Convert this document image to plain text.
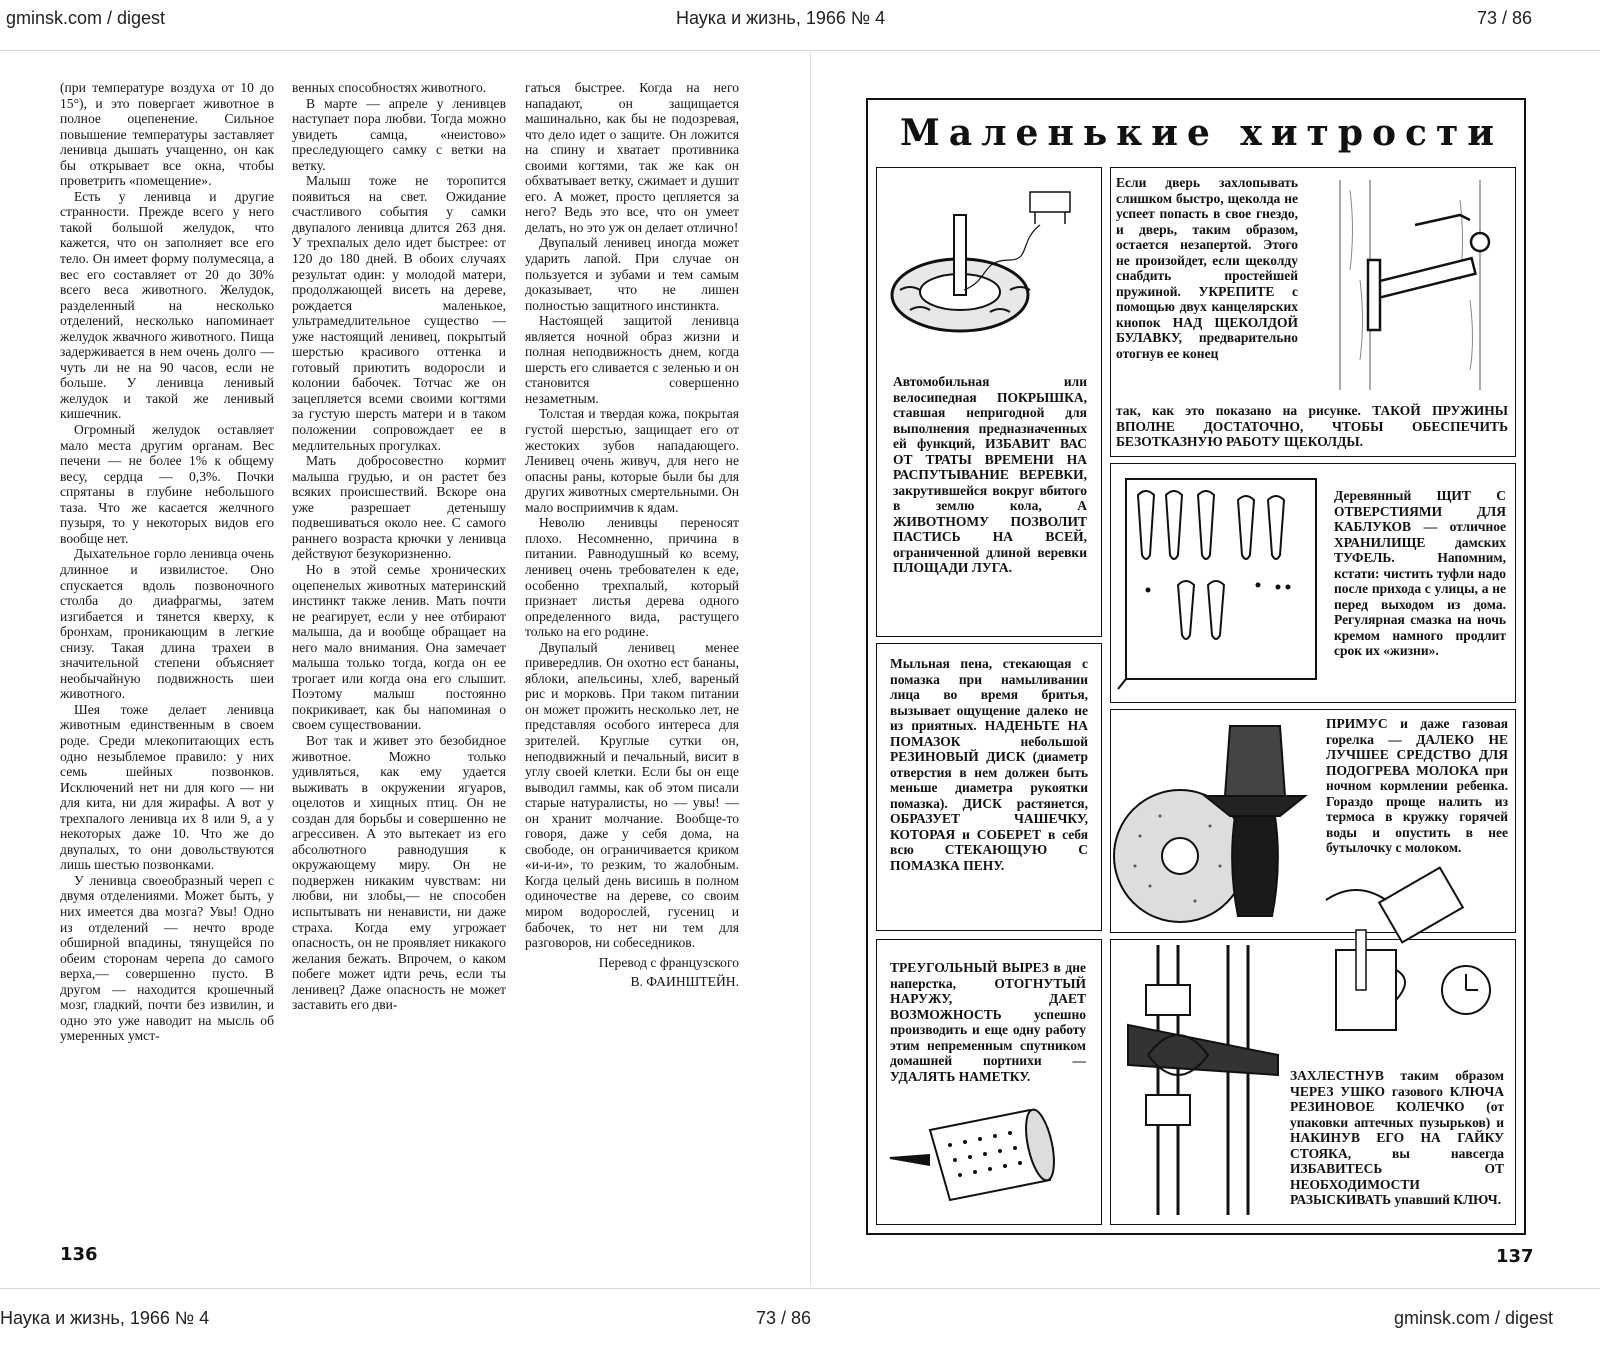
gminsk.com / digest	Наука и жизнь, 1966 № 4	73 / 86
Наука и жизнь, 1966 № 4	73 / 86	gminsk.com / digest

(при температуре воздуха от 10 до 15°), и это повергает животное в полное оцепенение. Сильное повышение температуры заставляет ленивца дышать учащенно, он как бы открывает все окна, чтобы проветрить «помещение».

Есть у ленивца и другие странности. Прежде всего у него такой большой желудок, что кажется, что он заполняет все его тело. Он имеет форму полумесяца, а вес его составляет от 20 до 30% всего веса животного. Желудок, разделенный на несколько отделений, несколько напоминает желудок жвачного животного. Пища задерживается в нем очень долго — чуть ли не на 90 часов, если не больше. У ленивца ленивый желудок и такой же ленивый кишечник.

Огромный желудок оставляет мало места другим органам. Вес печени — не более 1% к общему весу, сердца — 0,3%. Почки спрятаны в глубине небольшого таза. Что же касается желчного пузыря, то у некоторых видов его вообще нет.

Дыхательное горло ленивца очень длинное и извилистое. Оно спускается вдоль позвоночного столба до диафрагмы, затем изгибается и тянется кверху, к бронхам, проникающим в легкие снизу. Такая длина трахеи в значительной степени объясняет необычайную подвижность шеи животного.

Шея тоже делает ленивца животным единственным в своем роде. Среди млекопитающих есть одно незыблемое правило: у них семь шейных позвонков. Исключений нет ни для кого — ни для кита, ни для жирафы. А вот у трехпалого ленивца их 8 или 9, а у некоторых даже 10. Что же до двупалых, то они довольствуются лишь шестью позвонками.

У ленивца своеобразный череп с двумя отделениями. Может быть, у них имеется два мозга? Увы! Одно из отделений — нечто вроде обширной впадины, тянущейся по обеим сторонам черепа до самого верха,— совершенно пусто. В другом — находится крошечный мозг, гладкий, почти без извилин, и одно это уже наводит на мысль об умеренных умст-

венных способностях животного.

В марте — апреле у ленивцев наступает пора любви. Тогда можно увидеть самца, «неистово» преследующего самку с ветки на ветку.

Малыш тоже не торопится появиться на свет. Ожидание счастливого события у самки двупалого ленивца длится 263 дня. У трехпалых дело идет быстрее: от 120 до 180 дней. В обоих случаях результат один: у молодой матери, продолжающей висеть на дереве, рождается маленькое, ультрамедлительное существо — уже настоящий ленивец, покрытый шерстью красивого оттенка и готовый приютить водоросли и колонии бабочек. Тотчас же он зацепляется всеми своими когтями за густую шерсть матери и в таком положении сопровождает ее в медлительных прогулках.

Мать добросовестно кормит малыша грудью, и он растет без всяких происшествий. Вскоре она уже разрешает детенышу подвешиваться около нее. С самого раннего возраста крючки у ленивца действуют безукоризненно.

Но в этой семье хронических оцепенелых животных материнский инстинкт также ленив. Мать почти не реагирует, если у нее отбирают малыша, да и вообще обращает на него мало внимания. Она замечает малыша только тогда, когда он ее трогает или когда она его слышит. Поэтому малыш постоянно покрикивает, как бы напоминая о своем существовании.

Вот так и живет это безобидное животное. Можно только удивляться, как ему удается выживать в окружении ягуаров, оцелотов и хищных птиц. Он не создан для борьбы и совершенно не агрессивен. А это вытекает из его абсолютного равнодушия к окружающему миру. Он не подвержен никаким чувствам: ни любви, ни злобы,— не способен испытывать ни ненависти, ни даже страха. Когда ему угрожает опасность, он не проявляет никакого желания бежать. Впрочем, о каком побеге может идти речь, если ты ленивец? Даже опасность не может заставить его дви-

гаться быстрее. Когда на него нападают, он защищается машинально, как бы не подозревая, что дело идет о защите. Он ложится на спину и хватает противника своими когтями, так же как он обхватывает ветку, сжимает и душит его. А может, просто цепляется за него? Ведь это все, что он умеет делать, но это уж он делает отлично!

Двупалый ленивец иногда может ударить лапой. При случае он пользуется и зубами и тем самым доказывает, что не лишен полностью защитного инстинкта.

Настоящей защитой ленивца является ночной образ жизни и полная неподвижность днем, когда шерсть его сливается с зеленью и он становится совершенно незаметным.

Толстая и твердая кожа, покрытая густой шерстью, защищает его от жестоких зубов нападающего. Ленивец очень живуч, для него не опасны раны, которые были бы для других животных смертельными. Он мало восприимчив к ядам.

Неволю ленивцы переносят плохо. Несомненно, причина в питании. Равнодушный ко всему, ленивец очень требователен к еде, особенно трехпалый, который признает листья дерева одного определенного вида, растущего только на его родине.

Двупалый ленивец менее привередлив. Он охотно ест бананы, яблоки, апельсины, хлеб, вареный рис и морковь. При таком питании он может прожить несколько лет, не представляя особого интереса для зрителей. Круглые сутки он, неподвижный и печальный, висит в углу своей клетки. Если бы он еще выводил гаммы, как об этом писали старые натуралисты, но — увы! — он хранит молчание. Вообще-то говоря, даже у себя дома, на свободе, он ограничивается криком «и-и-и», то резким, то жалобным. Когда целый день висишь в полном одиночестве на дереве, со своим миром водорослей, гусениц и бабочек, то нет ни тем для разговоров, ни собеседников.

Перевод с французского

В. ФАИНШТЕЙН.

136
Маленькие хитрости
Автомобильная или велосипедная ПОКРЫШКА, ставшая непригодной для выполнения предназначенных ей функций, ИЗБАВИТ ВАС ОТ ТРАТЫ ВРЕМЕНИ НА РАСПУТЫВАНИЕ ВЕРЕВКИ, закрутившейся вокруг вбитого в землю кола, А ЖИВОТНОМУ ПОЗВОЛИТ ПАСТИСЬ НА ВСЕЙ, ограниченной длиной веревки ПЛОЩАДИ ЛУГА.
Если дверь захлопывать слишком быстро, щеколда не успеет попасть в свое гнездо, и дверь, таким образом, остается незапертой. Этого не произойдет, если щеколду снабдить простейшей пружиной. УКРЕПИТЕ с помощью двух канцелярских кнопок НАД ЩЕКОЛДОЙ БУЛАВКУ, предварительно отогнув ее конец
так, как это показано на рисунке. ТАКОЙ ПРУЖИНЫ ВПОЛНЕ ДОСТАТОЧНО, ЧТОБЫ ОБЕСПЕЧИТЬ БЕЗОТКАЗНУЮ РАБОТУ ЩЕКОЛДЫ.
Деревянный ЩИТ С ОТВЕРСТИЯМИ ДЛЯ КАБЛУКОВ — отличное ХРАНИЛИЩЕ дамских ТУФЕЛЬ. Напомним, кстати: чистить туфли надо после прихода с улицы, а не перед выходом из дома. Регулярная смазка на ночь кремом намного продлит срок их «жизни».
Мыльная пена, стекающая с помазка при намыливании лица во время бритья, вызывает ощущение далеко не из приятных. НАДЕНЬТЕ НА ПОМАЗОК небольшой РЕЗИНОВЫЙ ДИСК (диаметр отверстия в нем должен быть меньше диаметра рукоятки помазка). ДИСК растянется, ОБРАЗУЕТ ЧАШЕЧКУ, КОТОРАЯ и СОБЕРЕТ в себя всю СТЕКАЮЩУЮ С ПОМАЗКА ПЕНУ.
ПРИМУС и даже газовая горелка — ДАЛЕКО НЕ ЛУЧШЕЕ СРЕДСТВО ДЛЯ ПОДОГРЕВА МОЛОКА при ночном кормлении ребенка. Гораздо проще налить из термоса в кружку горячей воды и опустить в нее бутылочку с молоком.
ТРЕУГОЛЬНЫЙ ВЫРЕЗ в дне наперстка, ОТОГНУТЫЙ НАРУЖУ, ДАЕТ ВОЗМОЖНОСТЬ успешно производить и еще одну работу этим непременным спутником домашней портнихи — УДАЛЯТЬ НАМЕТКУ.	ЗАХЛЕСТНУВ таким образом ЧЕРЕЗ УШКО газового КЛЮЧА РЕЗИНОВОЕ КОЛЕЧКО (от упаковки аптечных пузырьков) и НАКИНУВ ЕГО НА ГАЙКУ СТОЯКА, вы навсегда ИЗБАВИТЕСЬ ОТ НЕОБХОДИМОСТИ РАЗЫСКИВАТЬ упавший КЛЮЧ.
137
